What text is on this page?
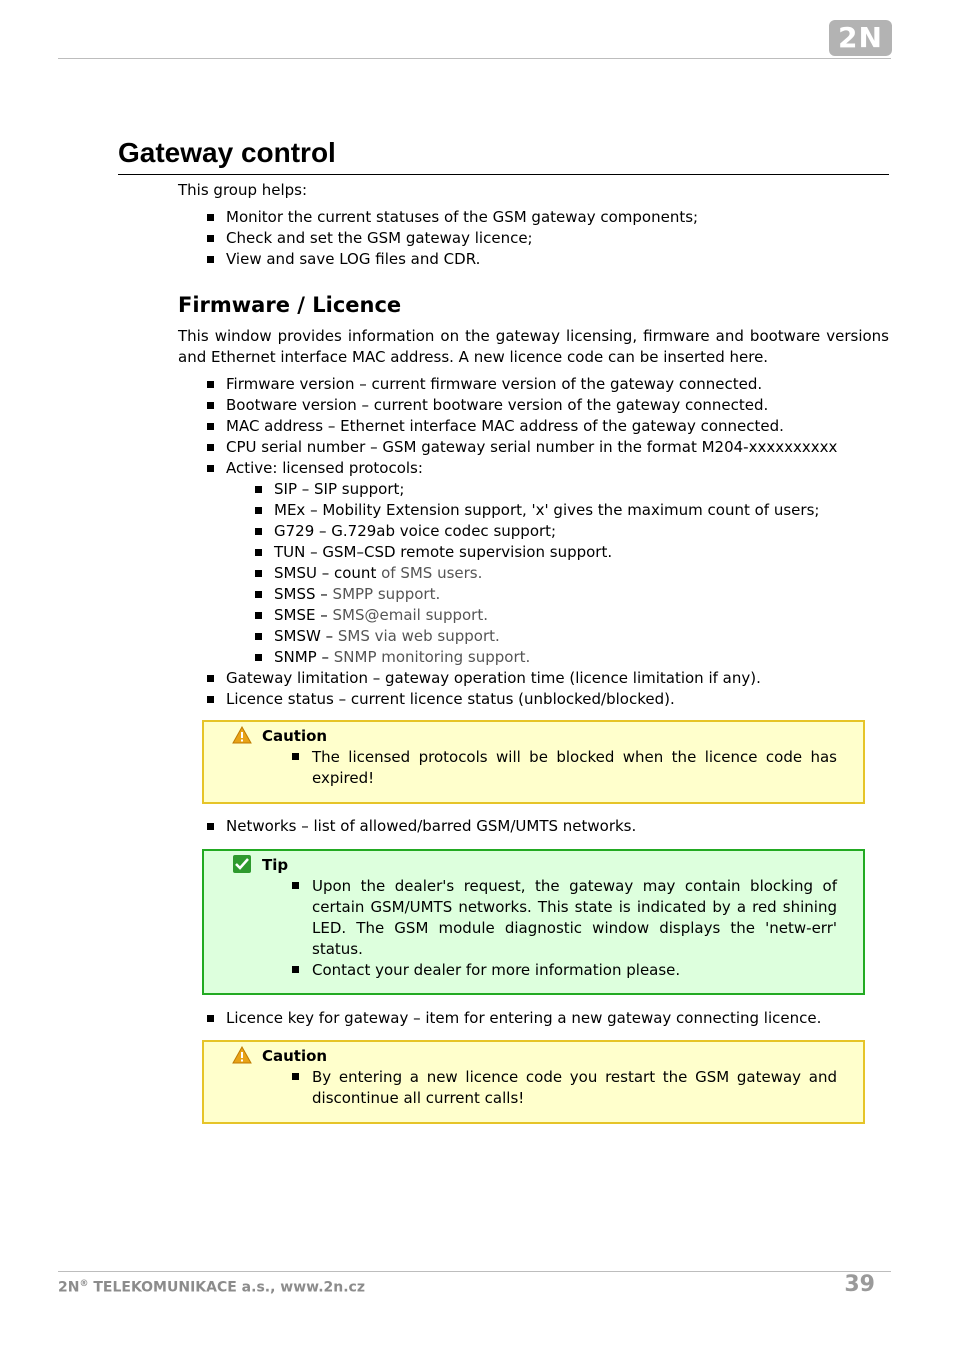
2N
Gateway control
This group helps:
Monitor the current statuses of the GSM gateway components;
Check and set the GSM gateway licence;
View and save LOG files and CDR.
Firmware / Licence
This window provides information on the gateway licensing, firmware and bootware versions and Ethernet interface MAC address. A new licence code can be inserted here.
Firmware version – current firmware version of the gateway connected.
Bootware version – current bootware version of the gateway connected.
MAC address – Ethernet interface MAC address of the gateway connected.
CPU serial number – GSM gateway serial number in the format M204-xxxxxxxxxx
Active: licensed protocols:
SIP – SIP support;
MEx – Mobility Extension support, 'x' gives the maximum count of users;
G729 – G.729ab voice codec support;
TUN – GSM–CSD remote supervision support.
SMSU – count of SMS users.
SMSS – SMPP support.
SMSE – SMS@email support.
SMSW – SMS via web support.
SNMP – SNMP monitoring support.
Gateway limitation – gateway operation time (licence limitation if any).
Licence status – current licence status (unblocked/blocked).
Caution
The licensed protocols will be blocked when the licence code has expired!
Networks – list of allowed/barred GSM/UMTS networks.
Tip
Upon the dealer's request, the gateway may contain blocking of certain GSM/UMTS networks. This state is indicated by a red shining LED. The GSM module diagnostic window displays the 'netw-err' status.
Contact your dealer for more information please.
Licence key for gateway – item for entering a new gateway connecting licence.
Caution
By entering a new licence code you restart the GSM gateway and discontinue all current calls!
2N® TELEKOMUNIKACE a.s., www.2n.cz	39
